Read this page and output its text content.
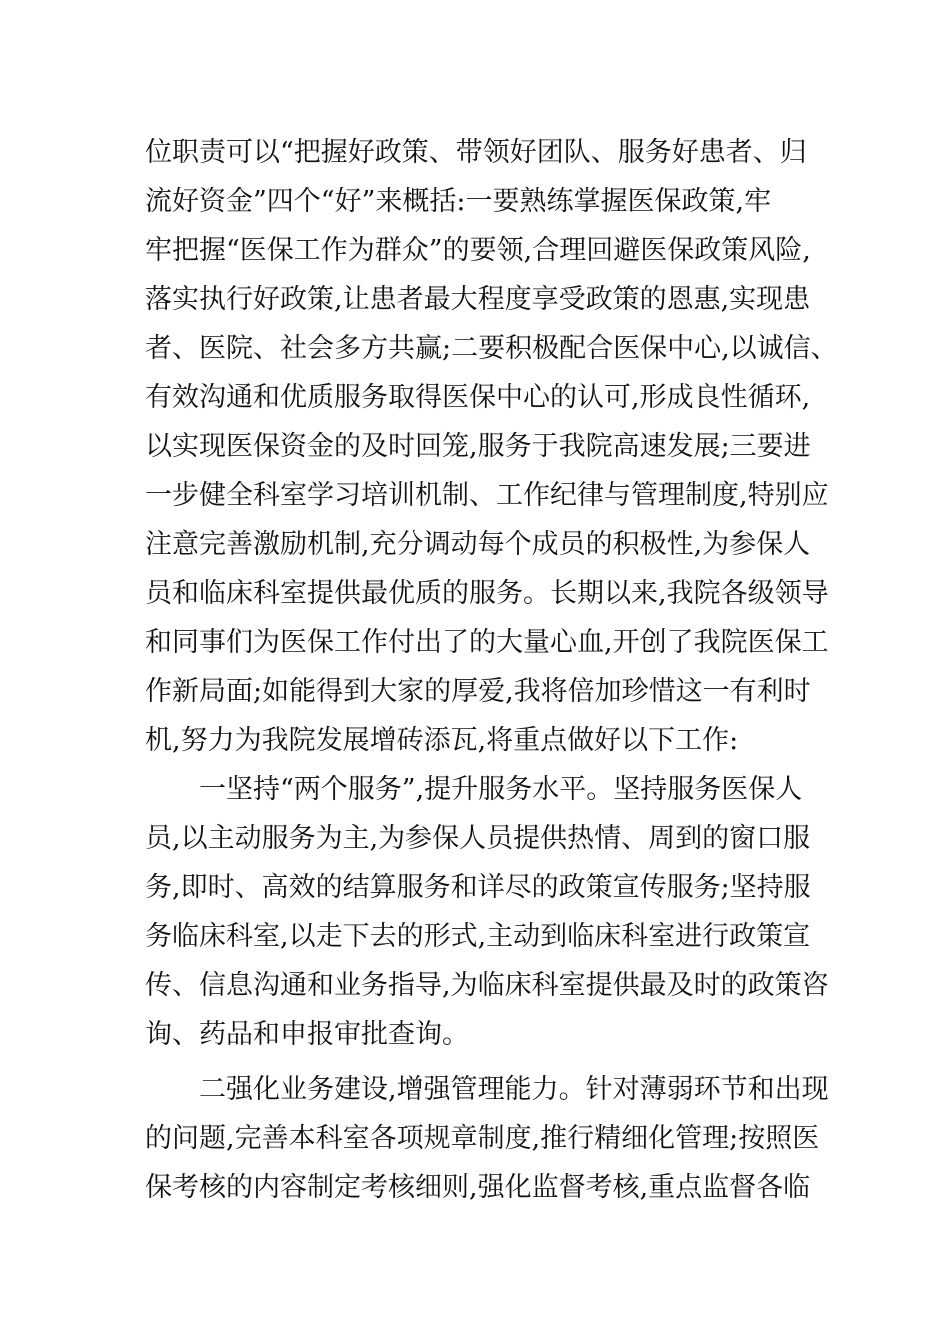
位职责可以“把握好政策、带领好团队、服务好患者、归
流好资金”四个“好”来概括:一要熟练掌握医保政策,牢
牢把握“医保工作为群众”的要领,合理回避医保政策风险,
落实执行好政策,让患者最大程度享受政策的恩惠,实现患
者、医院、社会多方共赢;二要积极配合医保中心,以诚信、
有效沟通和优质服务取得医保中心的认可,形成良性循环,
以实现医保资金的及时回笼,服务于我院高速发展;三要进
一步健全科室学习培训机制、工作纪律与管理制度,特别应
注意完善激励机制,充分调动每个成员的积极性,为参保人
员和临床科室提供最优质的服务。长期以来,我院各级领导
和同事们为医保工作付出了的大量心血,开创了我院医保工
作新局面;如能得到大家的厚爱,我将倍加珍惜这一有利时
机,努力为我院发展增砖添瓦,将重点做好以下工作:
一坚持“两个服务”,提升服务水平。坚持服务医保人
员,以主动服务为主,为参保人员提供热情、周到的窗口服
务,即时、高效的结算服务和详尽的政策宣传服务;坚持服
务临床科室,以走下去的形式,主动到临床科室进行政策宣
传、信息沟通和业务指导,为临床科室提供最及时的政策咨
询、药品和申报审批查询。
二强化业务建设,增强管理能力。针对薄弱环节和出现
的问题,完善本科室各项规章制度,推行精细化管理;按照医
保考核的内容制定考核细则,强化监督考核,重点监督各临
